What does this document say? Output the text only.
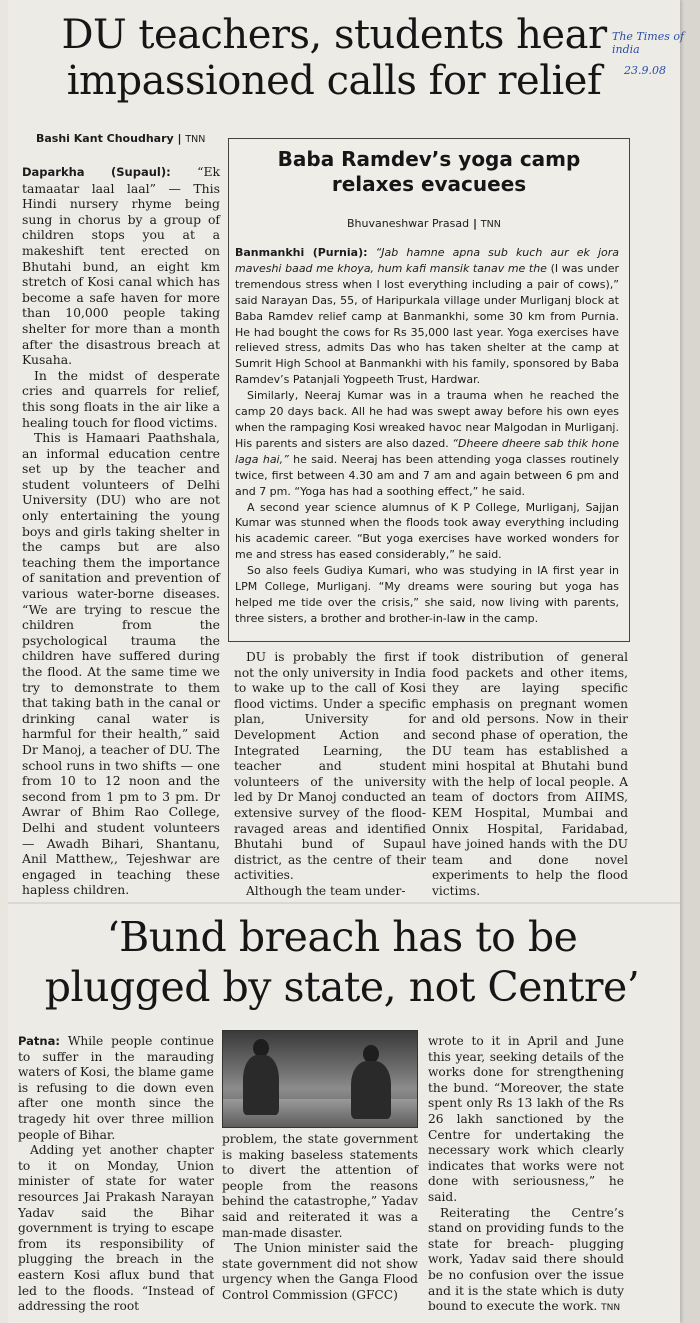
The Times of india
23.9.08
DU teachers, students hear
impassioned calls for relief
Bashi Kant Choudhary | TNN

Daparkha (Supaul): “Ek tamaatar laal laal” — This Hindi nursery rhyme being sung in chorus by a group of children stops you at a makeshift tent erected on Bhutahi bund, an eight km stretch of Kosi canal which has become a safe haven for more than 10,000 people taking shelter for more than a month after the disastrous breach at Kusaha.

In the midst of desperate cries and quarrels for relief, this song floats in the air like a healing touch for flood victims.

This is Hamaari Paathshala, an informal education centre set up by the teacher and student volunteers of Delhi University (DU) who are not only entertaining the young boys and girls taking shelter in the camps but are also teaching them the importance of sanitation and prevention of various water-borne diseases. “We are trying to rescue the children from the psychological trauma the children have suffered during the flood. At the same time we try to demonstrate to them that taking bath in the canal or drinking canal water is harmful for their health,” said Dr Manoj, a teacher of DU. The school runs in two shifts — one from 10 to 12 noon and the second from 1 pm to 3 pm. Dr Awrar of Bhim Rao College, Delhi and student volunteers — Awadh Bihari, Shantanu, Anil Matthew,, Tejeshwar are engaged in teaching these hapless children.

Baba Ramdev’s yoga camp
relaxes evacuees
Bhuvaneshwar Prasad | TNN

Banmankhi (Purnia): “Jab hamne apna sub kuch aur ek jora maveshi baad me khoya, hum kafi mansik tanav me the (I was under tremendous stress when I lost everything including a pair of cows),” said Narayan Das, 55, of Haripurkala village under Murliganj block at Baba Ramdev relief camp at Banmankhi, some 30 km from Purnia. He had bought the cows for Rs 35,000 last year. Yoga exercises have relieved stress, admits Das who has taken shelter at the camp at Sumrit High School at Banmankhi with his family, sponsored by Baba Ramdev’s Patanjali Yogpeeth Trust, Hardwar.

Similarly, Neeraj Kumar was in a trauma when he reached the camp 20 days back. All he had was swept away before his own eyes when the rampaging Kosi wreaked havoc near Malgodan in Murliganj. His parents and sisters are also dazed. “Dheere dheere sab thik hone laga hai,” he said. Neeraj has been attending yoga classes routinely twice, first between 4.30 am and 7 am and again between 6 pm and and 7 pm. “Yoga has had a soothing effect,” he said.

A second year science alumnus of K P College, Murliganj, Sajjan Kumar was stunned when the floods took away everything including his academic career. “But yoga exercises have worked wonders for me and stress has eased considerably,” he said.

So also feels Gudiya Kumari, who was studying in IA first year in LPM College, Murliganj. “My dreams were souring but yoga has helped me tide over the crisis,” she said, now living with parents, three sisters, a brother and brother-in-law in the camp.

DU is probably the first if not the only university in India to wake up to the call of Kosi flood victims. Under a specific plan, University for Development Action and Integrated Learning, the teacher and student volunteers of the university led by Dr Manoj conducted an extensive survey of the flood-ravaged areas and identified Bhutahi bund of Supaul district, as the centre of their activities.

Although the team under-

took distribution of general food packets and other items, they are laying specific emphasis on pregnant women and old persons. Now in their second phase of operation, the DU team has established a mini hospital at Bhutahi bund with the help of local people. A team of doctors from AIIMS, KEM Hospital, Mumbai and Onnix Hospital, Faridabad, have joined hands with the DU team and done novel experiments to help the flood victims.

‘Bund breach has to be
plugged by state, not Centre’

Patna: While people continue to suffer in the marauding waters of Kosi, the blame game is refusing to die down even after one month since the tragedy hit over three million people of Bihar.

Adding yet another chapter to it on Monday, Union minister of state for water resources Jai Prakash Narayan Yadav said the Bihar government is trying to escape from its responsibility of plugging the breach in the eastern Kosi aflux bund that led to the floods. “Instead of addressing the root

problem, the state government is making baseless statements to divert the attention of people from the reasons behind the catastrophe,” Yadav said and reiterated it was a man-made disaster.

The Union minister said the state government did not show urgency when the Ganga Flood Control Commission (GFCC)

wrote to it in April and June this year, seeking details of the works done for strengthening the bund. “Moreover, the state spent only Rs 13 lakh of the Rs 26 lakh sanctioned by the Centre for undertaking the necessary work which clearly indicates that works were not done with seriousness,” he said.

Reiterating the Centre’s stand on providing funds to the state for breach- plugging work, Yadav said there should be no confusion over the issue and it is the state which is duty bound to execute the work. TNN
